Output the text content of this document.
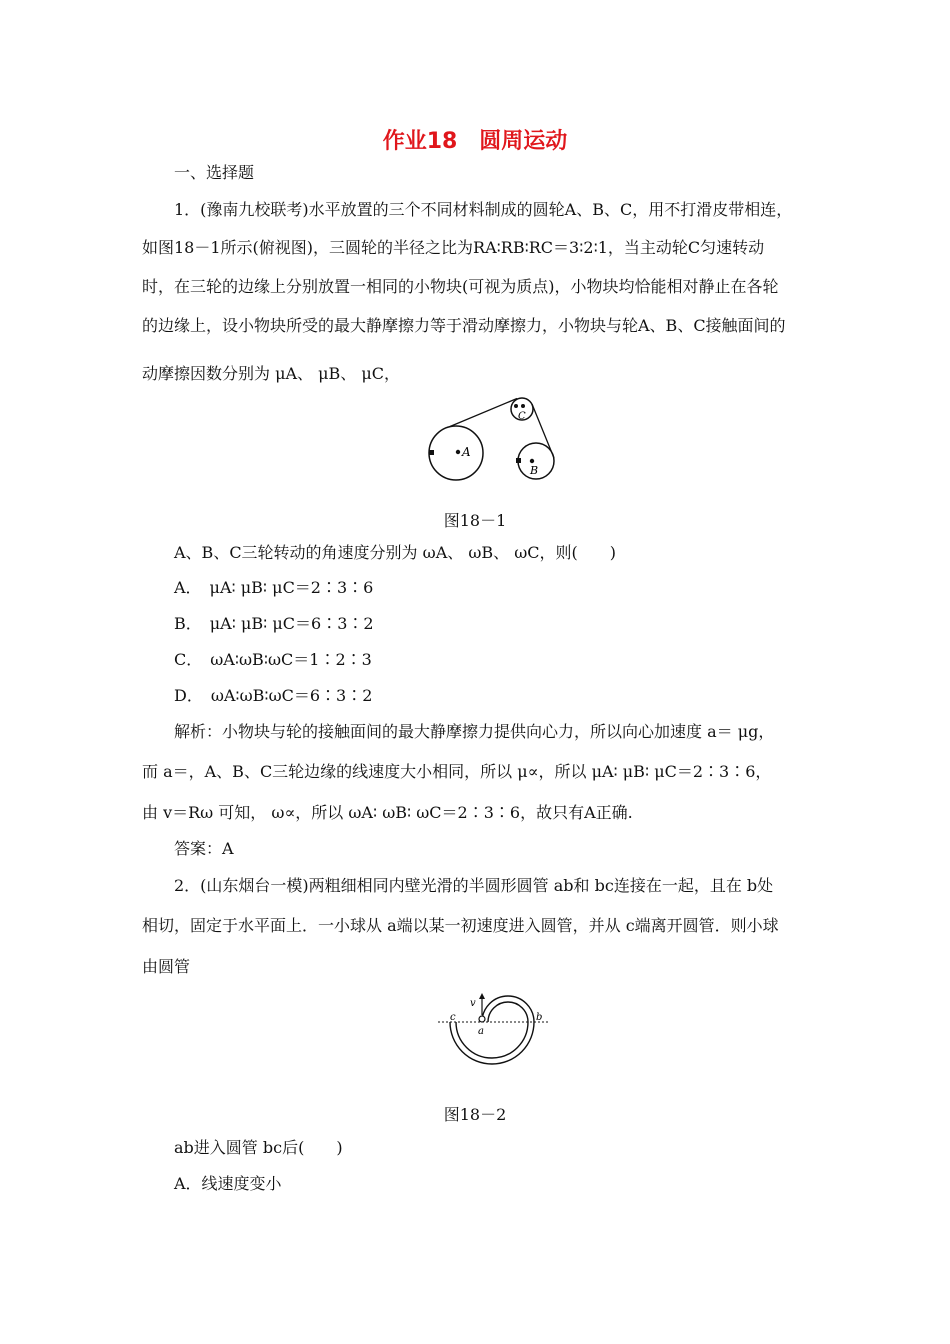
作业18　圆周运动
一、选择题
1．(豫南九校联考)水平放置的三个不同材料制成的圆轮A、B、C，用不打滑皮带相连，
如图18－1所示(俯视图)，三圆轮的半径之比为RA∶RB∶RC＝3∶2∶1，当主动轮C匀速转动
时，在三轮的边缘上分别放置一相同的小物块(可视为质点)，小物块均恰能相对静止在各轮
的边缘上，设小物块所受的最大静摩擦力等于滑动摩擦力，小物块与轮A、B、C接触面间的
动摩擦因数分别为 μA、 μB、 μC，
A
B
C
图18－1
A、B、C三轮转动的角速度分别为 ωA、 ωB、 ωC，则(　　)
A．　μA∶ μB∶ μC＝2∶3∶6
B．　μA∶ μB∶ μC＝6∶3∶2
C．　ωA∶ωB∶ωC＝1∶2∶3
D．　ωA∶ωB∶ωC＝6∶3∶2
解析：小物块与轮的接触面间的最大静摩擦力提供向心力，所以向心加速度 a＝ μg，
而 a＝，A、B、C三轮边缘的线速度大小相同，所以 μ∝，所以 μA∶ μB∶ μC＝2∶3∶6，
由 v＝Rω 可知， ω∝，所以 ωA∶ ωB∶ ωC＝2∶3∶6，故只有A正确.
答案：A
2．(山东烟台一模)两粗细相同内壁光滑的半圆形圆管 ab和 bc连接在一起，且在 b处
相切，固定于水平面上．一小球从 a端以某一初速度进入圆管，并从 c端离开圆管．则小球
由圆管
v
c
a
b
图18－2
ab进入圆管 bc后(　　)
A．线速度变小
